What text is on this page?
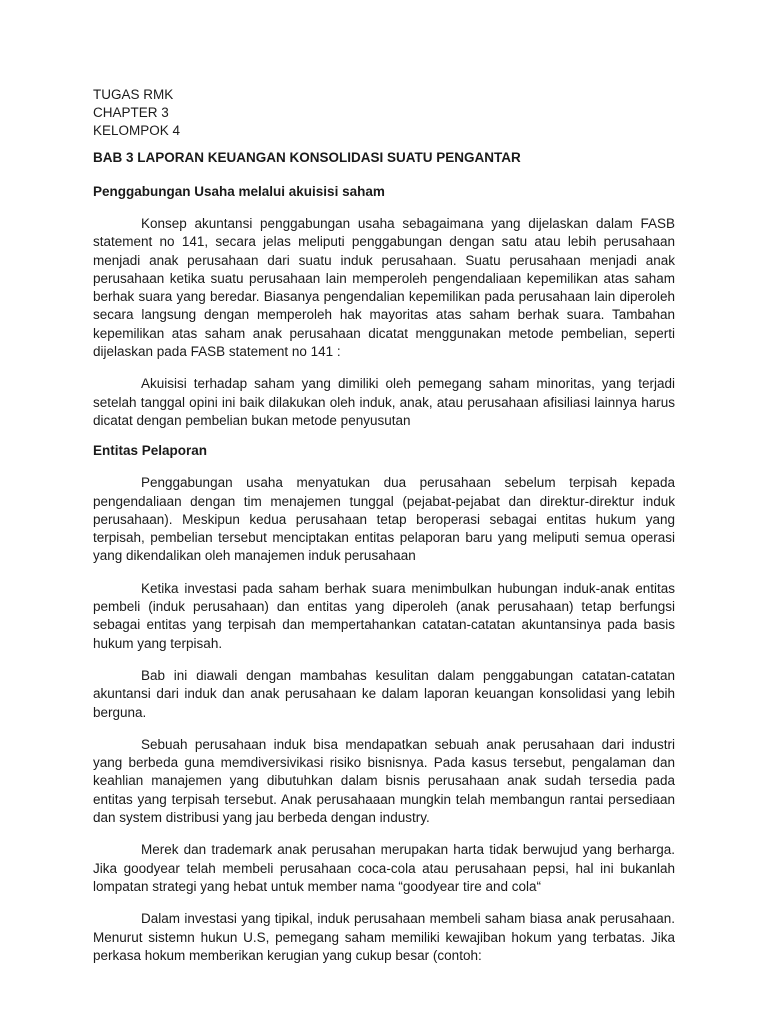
TUGAS RMK
CHAPTER 3
KELOMPOK 4
BAB 3 LAPORAN KEUANGAN KONSOLIDASI SUATU PENGANTAR
Penggabungan Usaha melalui akuisisi saham

Konsep akuntansi penggabungan usaha sebagaimana yang dijelaskan dalam FASB statement no 141, secara jelas meliputi penggabungan dengan satu atau lebih perusahaan menjadi anak perusahaan dari suatu induk perusahaan. Suatu perusahaan menjadi anak perusahaan ketika suatu perusahaan lain memperoleh pengendaliaan kepemilikan atas saham berhak suara yang beredar. Biasanya pengendalian kepemilikan pada perusahaan lain diperoleh secara langsung dengan memperoleh hak mayoritas atas saham berhak suara. Tambahan kepemilikan atas saham anak perusahaan dicatat menggunakan metode pembelian, seperti dijelaskan pada FASB statement no 141 :

Akuisisi terhadap saham yang dimiliki oleh pemegang saham minoritas, yang terjadi setelah tanggal opini ini baik dilakukan oleh induk, anak, atau perusahaan afisiliasi lainnya harus dicatat dengan pembelian bukan metode penyusutan

Entitas Pelaporan

Penggabungan usaha menyatukan dua perusahaan sebelum terpisah kepada pengendaliaan dengan tim menajemen tunggal (pejabat-pejabat dan direktur-direktur induk perusahaan). Meskipun kedua perusahaan tetap beroperasi sebagai entitas hukum yang terpisah, pembelian tersebut menciptakan entitas pelaporan baru yang meliputi semua operasi yang dikendalikan oleh manajemen induk perusahaan

Ketika investasi pada saham berhak suara menimbulkan hubungan induk-anak entitas pembeli (induk perusahaan) dan entitas yang diperoleh (anak perusahaan) tetap berfungsi sebagai entitas yang terpisah dan mempertahankan catatan-catatan akuntansinya pada basis hukum yang terpisah.

Bab ini diawali dengan mambahas kesulitan dalam penggabungan catatan-catatan akuntansi dari induk dan anak perusahaan ke dalam laporan keuangan konsolidasi yang lebih berguna.

Sebuah perusahaan induk bisa mendapatkan sebuah anak perusahaan dari industri yang berbeda guna memdiversivikasi risiko bisnisnya. Pada kasus tersebut, pengalaman dan keahlian manajemen yang dibutuhkan dalam bisnis perusahaan anak sudah tersedia pada entitas yang terpisah tersebut. Anak perusahaaan mungkin telah membangun rantai persediaan dan system distribusi yang jau berbeda dengan industry.

Merek dan trademark anak perusahan merupakan harta tidak berwujud yang berharga. Jika goodyear telah membeli perusahaan coca-cola atau perusahaan pepsi, hal ini bukanlah lompatan strategi yang hebat untuk member nama “goodyear tire and cola“

Dalam investasi yang tipikal, induk perusahaan membeli saham biasa anak perusahaan. Menurut sistemn hukun U.S, pemegang saham memiliki kewajiban hokum yang terbatas. Jika perkasa hokum memberikan kerugian yang cukup besar (contoh:
